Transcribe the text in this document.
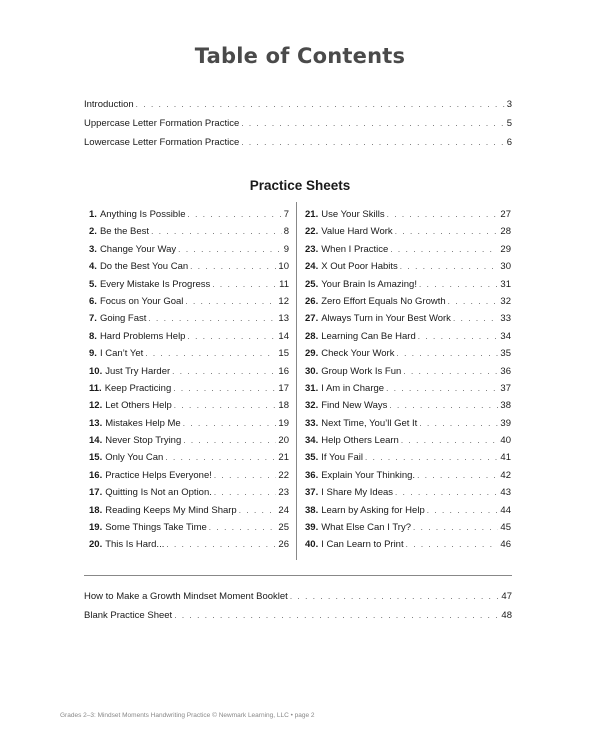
Table of Contents
Introduction . . .	3
Uppercase Letter Formation Practice . . .	5
Lowercase Letter Formation Practice . . .	6
Practice Sheets
1. Anything Is Possible . . .	7
2. Be the Best . . .	8
3. Change Your Way . . .	9
4. Do the Best You Can . . .	10
5. Every Mistake Is Progress . . .	11
6. Focus on Your Goal . . .	12
7. Going Fast . . .	13
8. Hard Problems Help . . .	14
9. I Can’t Yet . . .	15
10. Just Try Harder . . .	16
11. Keep Practicing . . .	17
12. Let Others Help . . .	18
13. Mistakes Help Me . . .	19
14. Never Stop Trying . . .	20
15. Only You Can . . .	21
16. Practice Helps Everyone! . . .	22
17. Quitting Is Not an Option. . . .	23
18. Reading Keeps My Mind Sharp . . .	24
19. Some Things Take Time . . .	25
20. This Is Hard... . . .	26
21. Use Your Skills . . .	27
22. Value Hard Work . . .	28
23. When I Practice . . .	29
24. X Out Poor Habits . . .	30
25. Your Brain Is Amazing! . . .	31
26. Zero Effort Equals No Growth . . .	32
27. Always Turn in Your Best Work . . .	33
28. Learning Can Be Hard . . .	34
29. Check Your Work . . .	35
30. Group Work Is Fun . . .	36
31. I Am in Charge . . .	37
32. Find New Ways . . .	38
33. Next Time, You’ll Get It . . .	39
34. Help Others Learn . . .	40
35. If You Fail . . .	41
36. Explain Your Thinking. . . .	42
37. I Share My Ideas . . .	43
38. Learn by Asking for Help . . .	44
39. What Else Can I Try? . . .	45
40. I Can Learn to Print . . .	46
How to Make a Growth Mindset Moment Booklet . . .	47
Blank Practice Sheet . . .	48
Grades 2–3: Mindset Moments Handwriting Practice © Newmark Learning, LLC • page 2
